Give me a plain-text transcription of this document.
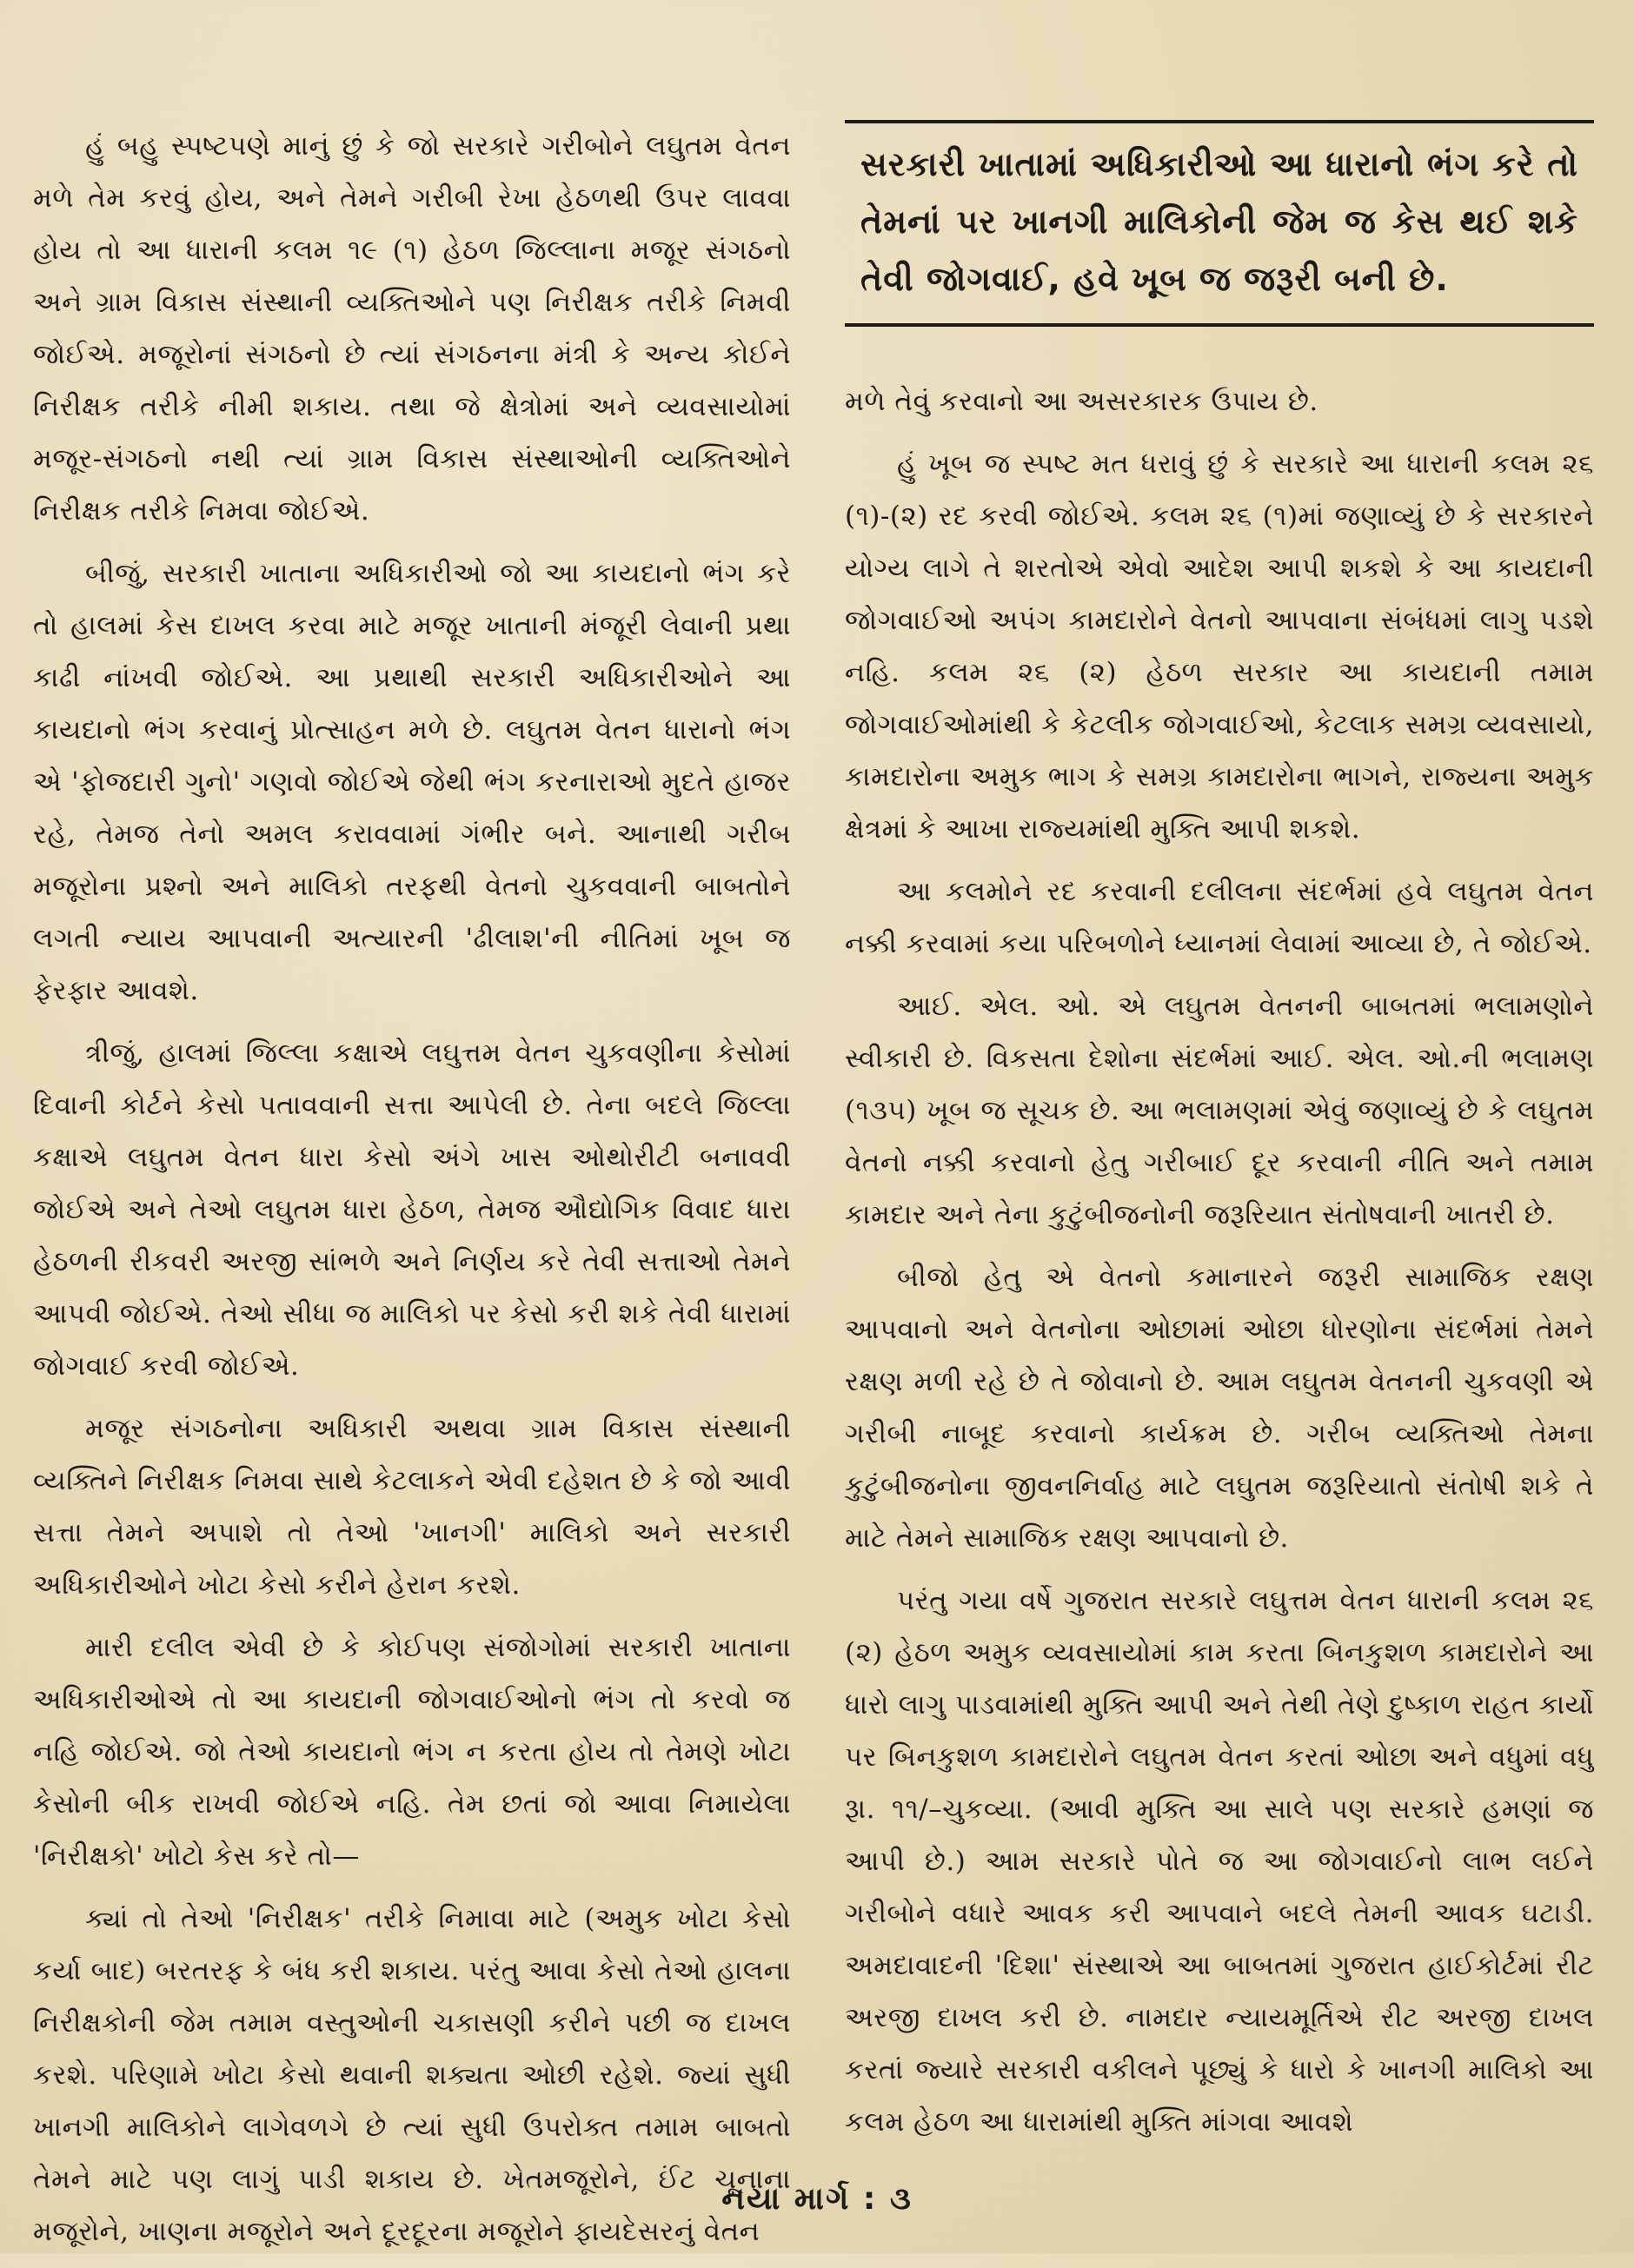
હું બહુ સ્પષ્ટપણે માનું છું કે જો સરકારે ગરીબોને લઘુતમ વેતન મળે તેમ કરવું હોય, અને તેમને ગરીબી રેખા હેઠળથી ઉપર લાવવા હોય તો આ ધારાની કલમ ૧૯ (૧) હેઠળ જિલ્લાના મજૂર સંગઠનો અને ગ્રામ વિકાસ સંસ્થાની વ્યક્તિઓને પણ નિરીક્ષક તરીકે નિમવી જોઈએ. મજૂરોનાં સંગઠનો છે ત્યાં સંગઠનના મંત્રી કે અન્ય કોઈને નિરીક્ષક તરીકે નીમી શકાય. તથા જે ક્ષેત્રોમાં અને વ્યવસાયોમાં મજૂર-સંગઠનો નથી ત્યાં ગ્રામ વિકાસ સંસ્થાઓની વ્યક્તિઓને નિરીક્ષક તરીકે નિમવા જોઈએ.

બીજું, સરકારી ખાતાના અધિકારીઓ જો આ કાયદાનો ભંગ કરે તો હાલમાં કેસ દાખલ કરવા માટે મજૂર ખાતાની મંજૂરી લેવાની પ્રથા કાઢી નાંખવી જોઈએ. આ પ્રથાથી સરકારી અધિકારીઓને આ કાયદાનો ભંગ કરવાનું પ્રોત્સાહન મળે છે. લઘુતમ વેતન ધારાનો ભંગ એ 'ફોજદારી ગુનો' ગણવો જોઈએ જેથી ભંગ કરનારાઓ મુદતે હાજર રહે, તેમજ તેનો અમલ કરાવવામાં ગંભીર બને. આનાથી ગરીબ મજૂરોના પ્રશ્નો અને માલિકો તરફથી વેતનો ચુકવવાની બાબતોને લગતી ન્યાય આપવાની અત્યારની 'ઢીલાશ'ની નીતિમાં ખૂબ જ ફેરફાર આવશે.

ત્રીજું, હાલમાં જિલ્લા કક્ષાએ લઘુત્તમ વેતન ચુકવણીના કેસોમાં દિવાની કોર્ટને કેસો પતાવવાની સત્તા આપેલી છે. તેના બદલે જિલ્લા કક્ષાએ લઘુતમ વેતન ધારા કેસો અંગે ખાસ ઓથોરીટી બનાવવી જોઈએ અને તેઓ લઘુતમ ધારા હેઠળ, તેમજ ઔદ્યોગિક વિવાદ ધારા હેઠળની રીકવરી અરજી સાંભળે અને નિર્ણય કરે તેવી સત્તાઓ તેમને આપવી જોઈએ. તેઓ સીધા જ માલિકો પર કેસો કરી શકે તેવી ધારામાં જોગવાઈ કરવી જોઈએ.

મજૂર સંગઠનોના અધિકારી અથવા ગ્રામ વિકાસ સંસ્થાની વ્યક્તિને નિરીક્ષક નિમવા સાથે કેટલાકને એવી દહેશત છે કે જો આવી સત્તા તેમને અપાશે તો તેઓ 'ખાનગી' માલિકો અને સરકારી અધિકારીઓને ખોટા કેસો કરીને હેરાન કરશે.

મારી દલીલ એવી છે કે કોઈપણ સંજોગોમાં સરકારી ખાતાના અધિકારીઓએ તો આ કાયદાની જોગવાઈઓનો ભંગ તો કરવો જ નહિ જોઈએ. જો તેઓ કાયદાનો ભંગ ન કરતા હોય તો તેમણે ખોટા કેસોની બીક રાખવી જોઈએ નહિ. તેમ છતાં જો આવા નિમાયેલા 'નિરીક્ષકો' ખોટો કેસ કરે તો—

ક્યાં તો તેઓ 'નિરીક્ષક' તરીકે નિમાવા માટે (અમુક ખોટા કેસો કર્યા બાદ) બરતરફ કે બંધ કરી શકાય. પરંતુ આવા કેસો તેઓ હાલના નિરીક્ષકોની જેમ તમામ વસ્તુઓની ચકાસણી કરીને પછી જ દાખલ કરશે. પરિણામે ખોટા કેસો થવાની શક્યતા ઓછી રહેશે. જ્યાં સુધી ખાનગી માલિકોને લાગેવળગે છે ત્યાં સુધી ઉપરોક્ત તમામ બાબતો તેમને માટે પણ લાગું પાડી શકાય છે. ખેતમજૂરોને, ઈંટ ચૂનાના મજૂરોને, ખાણના મજૂરોને અને દૂરદૂરના મજૂરોને ફાયદેસરનું વેતન

સરકારી ખાતામાં અધિકારીઓ આ ધારાનો ભંગ કરે તો તેમનાં પર ખાનગી માલિકોની જેમ જ કેસ થઈ શકે તેવી જોગવાઈ, હવે ખૂબ જ જરૂરી બની છે.

મળે તેવું કરવાનો આ અસરકારક ઉપાય છે.

હું ખૂબ જ સ્પષ્ટ મત ધરાવું છું કે સરકારે આ ધારાની કલમ ૨૬ (૧)-(૨) રદ કરવી જોઈએ. કલમ ૨૬ (૧)માં જણાવ્યું છે કે સરકારને યોગ્ય લાગે તે શરતોએ એવો આદેશ આપી શકશે કે આ કાયદાની જોગવાઈઓ અપંગ કામદારોને વેતનો આપવાના સંબંધમાં લાગુ પડશે નહિ. કલમ ૨૬ (૨) હેઠળ સરકાર આ કાયદાની તમામ જોગવાઈઓમાંથી કે કેટલીક જોગવાઈઓ, કેટલાક સમગ્ર વ્યવસાયો, કામદારોના અમુક ભાગ કે સમગ્ર કામદારોના ભાગને, રાજ્યના અમુક ક્ષેત્રમાં કે આખા રાજ્યમાંથી મુક્તિ આપી શકશે.

આ કલમોને રદ કરવાની દલીલના સંદર્ભમાં હવે લઘુતમ વેતન નક્કી કરવામાં કયા પરિબળોને ધ્યાનમાં લેવામાં આવ્યા છે, તે જોઈએ.

આઈ. એલ. ઓ. એ લઘુતમ વેતનની બાબતમાં ભલામણોને સ્વીકારી છે. વિકસતા દેશોના સંદર્ભમાં આઈ. એલ. ઓ.ની ભલામણ (૧૩૫) ખૂબ જ સૂચક છે. આ ભલામણમાં એવું જણાવ્યું છે કે લઘુતમ વેતનો નક્કી કરવાનો હેતુ ગરીબાઈ દૂર કરવાની નીતિ અને તમામ કામદાર અને તેના કુટુંબીજનોની જરૂરિયાત સંતોષવાની ખાતરી છે.

બીજો હેતુ એ વેતનો કમાનારને જરૂરી સામાજિક રક્ષણ આપવાનો અને વેતનોના ઓછામાં ઓછા ધોરણોના સંદર્ભમાં તેમને રક્ષણ મળી રહે છે તે જોવાનો છે. આમ લઘુતમ વેતનની ચુકવણી એ ગરીબી નાબૂદ કરવાનો કાર્યક્રમ છે. ગરીબ વ્યક્તિઓ તેમના કુટુંબીજનોના જીવનનિર્વાહ માટે લઘુતમ જરૂરિયાતો સંતોષી શકે તે માટે તેમને સામાજિક રક્ષણ આપવાનો છે.

પરંતુ ગયા વર્ષે ગુજરાત સરકારે લઘુત્તમ વેતન ધારાની કલમ ૨૬ (૨) હેઠળ અમુક વ્યવસાયોમાં કામ કરતા બિનકુશળ કામદારોને આ ધારો લાગુ પાડવામાંથી મુક્તિ આપી અને તેથી તેણે દુષ્કાળ રાહત કાર્યો પર બિનકુશળ કામદારોને લઘુતમ વેતન કરતાં ઓછા અને વધુમાં વધુ રૂા. ૧૧/–ચુકવ્યા. (આવી મુક્તિ આ સાલે પણ સરકારે હમણાં જ આપી છે.) આમ સરકારે પોતે જ આ જોગવાઈનો લાભ લઈને ગરીબોને વધારે આવક કરી આપવાને બદલે તેમની આવક ઘટાડી. અમદાવાદની 'દિશા' સંસ્થાએ આ બાબતમાં ગુજરાત હાઈકોર્ટમાં રીટ અરજી દાખલ કરી છે. નામદાર ન્યાયમૂર્તિએ રીટ અરજી દાખલ કરતાં જ્યારે સરકારી વકીલને પૂછ્યું કે ધારો કે ખાનગી માલિકો આ કલમ હેઠળ આ ધારામાંથી મુક્તિ માંગવા આવશે

નયા માર્ગ : ૩
